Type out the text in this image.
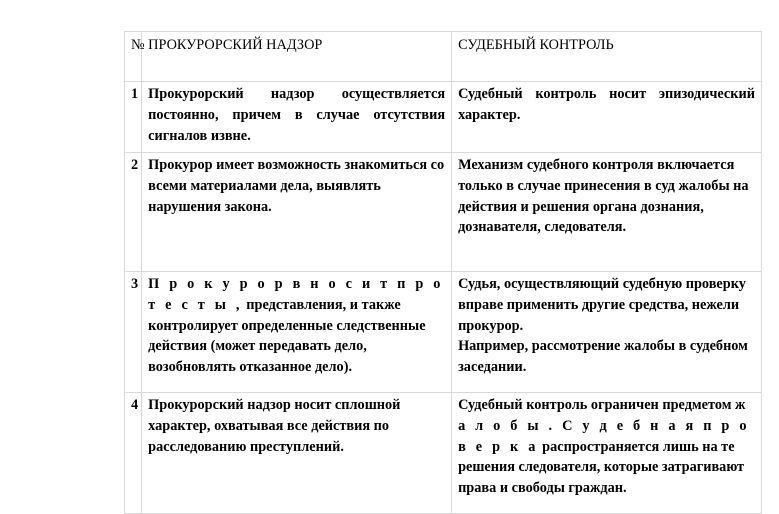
№	ПРОКУРОРСКИЙ НАДЗОР	СУДЕБНЫЙ КОНТРОЛЬ
1	Прокурорский надзор осуществляется постоянно, причем в случае отсутствия сигналов извне.	Судебный контроль носит эпизодический характер.
2	Прокурор имеет возможность знакомиться со всеми материалами дела, выявлять нарушения закона.	Механизм судебного контроля включается только в случае принесения в суд жалобы на действия и решения органа дознания, дознавателя, следователя.
3	П р о к у р о р в н о с и т п р о т е с т ы , представления, и также контролирует определенные следственные действия (может передавать дело, возобновлять отказанное дело).	Судья, осуществляющий судебную проверку вправе применить другие средства, нежели прокурор.
Например, рассмотрение жалобы в судебном заседании.
4	Прокурорский надзор носит сплошной характер, охватывая все действия по расследованию преступлений.	Судебный контроль ограничен предметом ж а л о б ы . С у д е б н а я п р о в е р к а распространяется лишь на те решения следователя, которые затрагивают права и свободы граждан.
